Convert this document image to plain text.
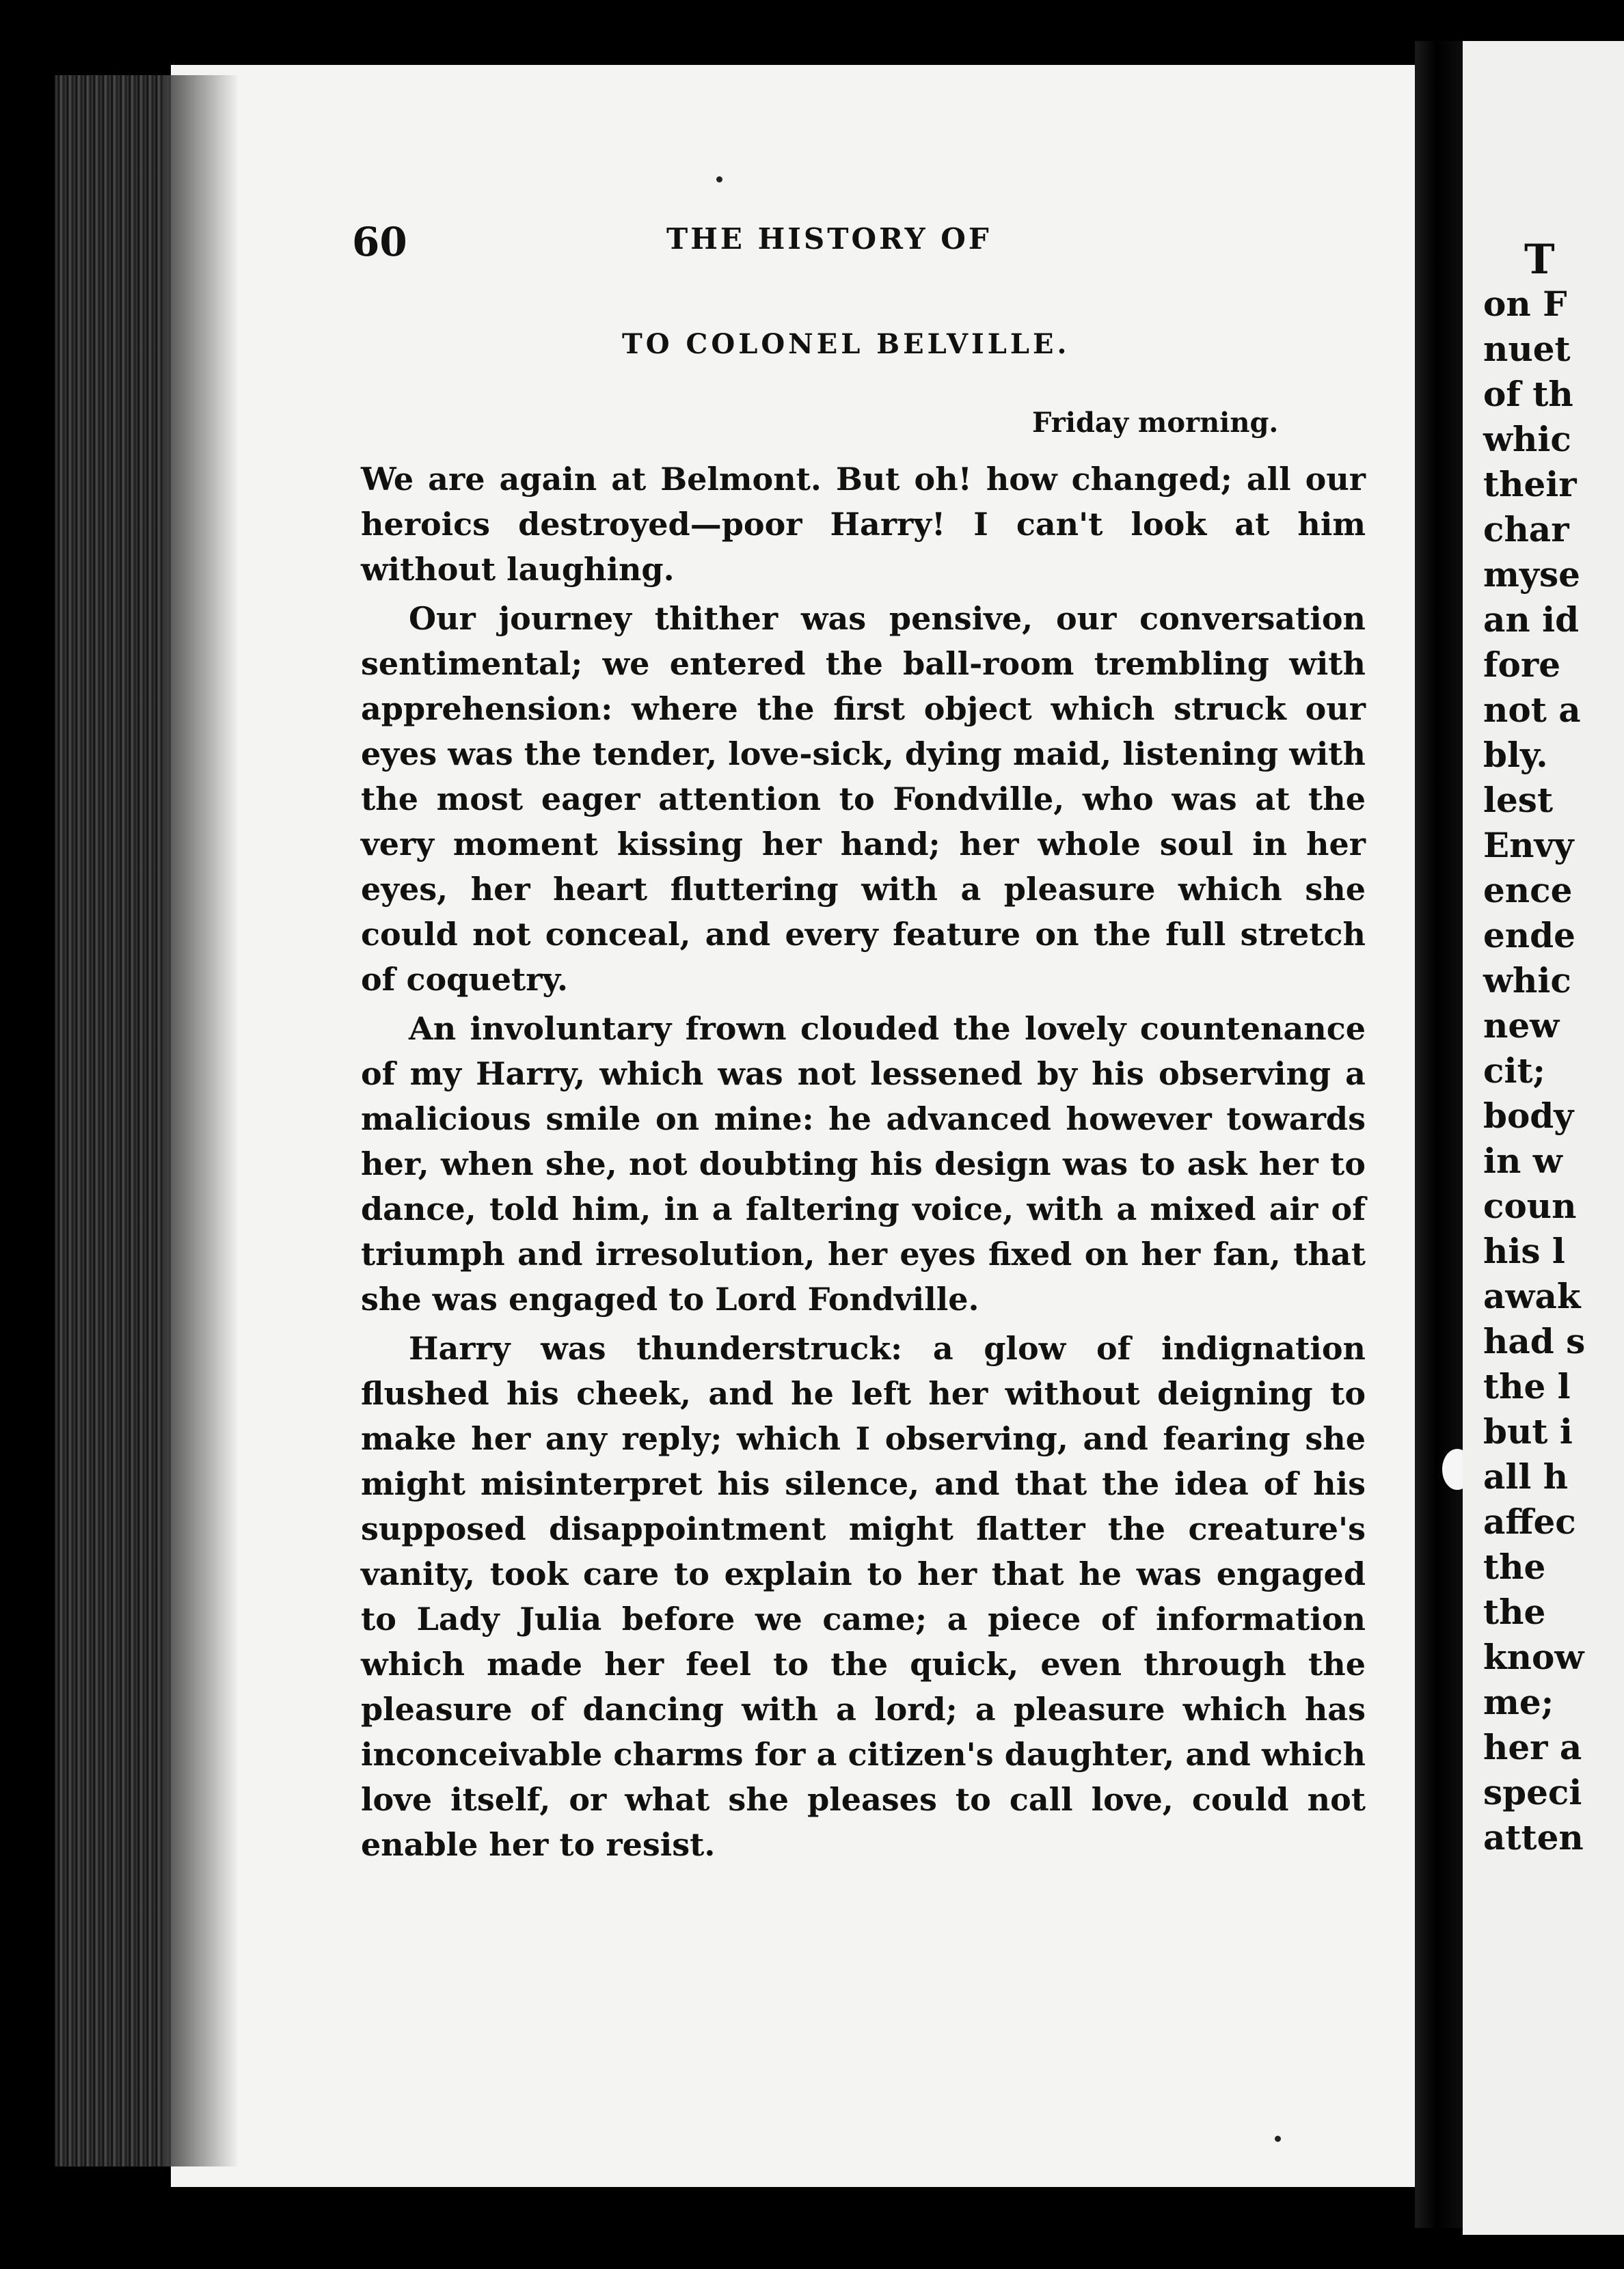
60	THE HISTORY OF
TO COLONEL BELVILLE.
Friday morning.

We are again at Belmont. But oh! how changed; all our heroics destroyed—poor Harry! I can't look at him without laughing.

Our journey thither was pensive, our conversation sentimental; we entered the ball-room trembling with apprehension: where the first object which struck our eyes was the tender, love-sick, dying maid, listening with the most eager attention to Fondville, who was at the very moment kissing her hand; her whole soul in her eyes, her heart fluttering with a pleasure which she could not conceal, and every feature on the full stretch of coquetry.

An involuntary frown clouded the lovely countenance of my Harry, which was not lessened by his observing a malicious smile on mine: he advanced however towards her, when she, not doubting his design was to ask her to dance, told him, in a faltering voice, with a mixed air of triumph and irresolution, her eyes fixed on her fan, that she was engaged to Lord Fondville.

Harry was thunderstruck: a glow of indignation flushed his cheek, and he left her without deigning to make her any reply; which I observing, and fearing she might misinterpret his silence, and that the idea of his supposed disappointment might flatter the creature's vanity, took care to explain to her that he was engaged to Lady Julia before we came; a piece of information which made her feel to the quick, even through the pleasure of dancing with a lord; a pleasure which has inconceivable charms for a citizen's daughter, and which love itself, or what she pleases to call love, could not enable her to resist.

T
on F
nuet
of th
whic
their
char
myse
an id
fore
not a
bly.
lest
Envy
ence
ende
whic
new
cit;
body
in w
coun
his l
awak
had s
the l
but i
all h
affec
the
the
know
me;
her a
speci
atten
